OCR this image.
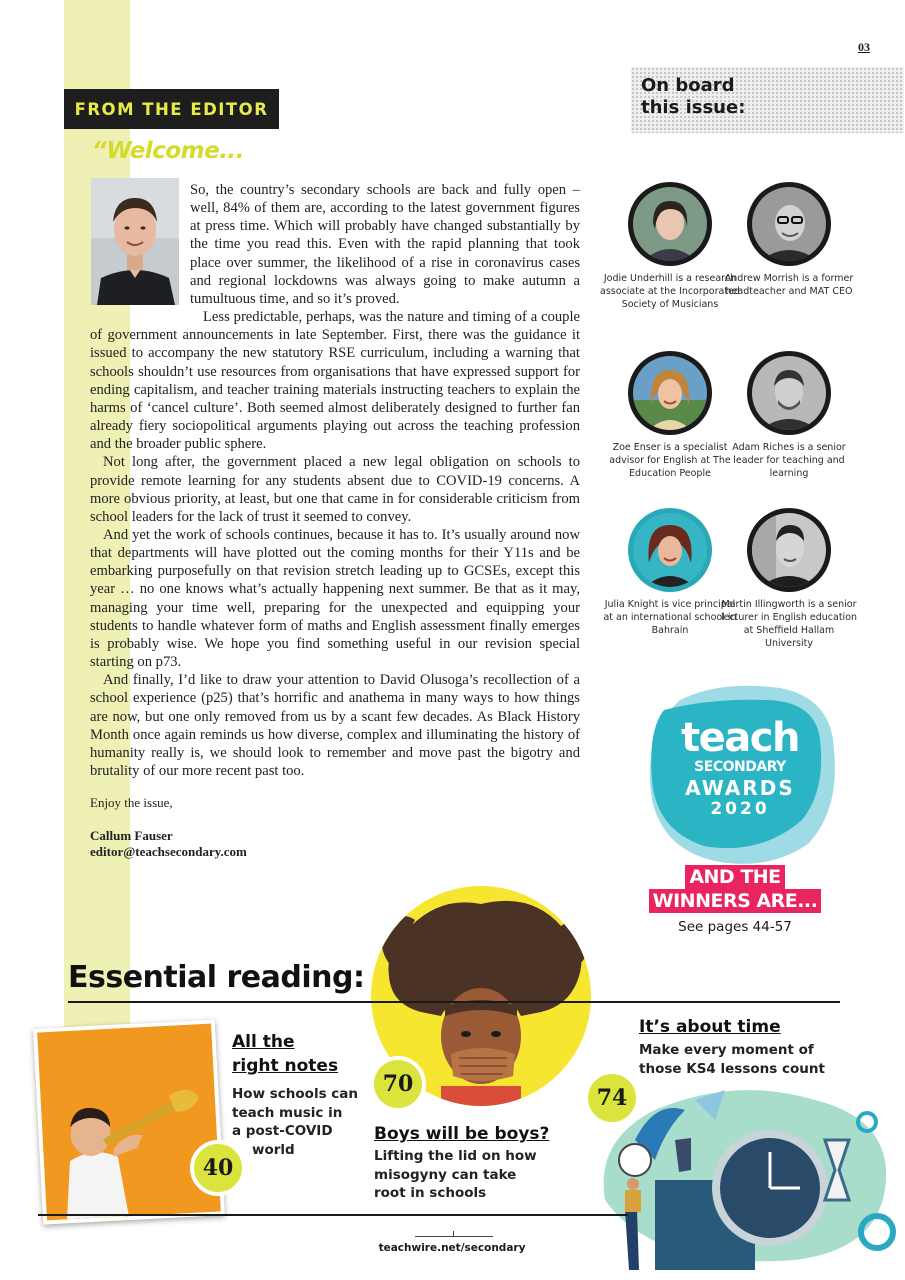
03
FROM THE EDITOR
“Welcome...

So, the country’s secondary schools are back and fully open – well, 84% of them are, according to the latest government figures at press time. Which will probably have changed substantially by the time you read this. Even with the rapid planning that took place over summer, the likelihood of a rise in coronavirus cases and regional lockdowns was always going to make autumn a tumultuous time, and so it’s proved.

Less predictable, perhaps, was the nature and timing of a couple of government announcements in late September. First, there was the guidance it issued to accompany the new statutory RSE curriculum, including a warning that schools shouldn’t use resources from organisations that have expressed support for ending capitalism, and teacher training materials instructing teachers to explain the harms of ‘cancel culture’. Both seemed almost deliberately designed to further fan already fiery sociopolitical arguments playing out across the teaching profession and the broader public sphere.

Not long after, the government placed a new legal obligation on schools to provide remote learning for any students absent due to COVID-19 concerns. A more obvious priority, at least, but one that came in for considerable criticism from school leaders for the lack of trust it seemed to convey.

And yet the work of schools continues, because it has to. It’s usually around now that departments will have plotted out the coming months for their Y11s and be embarking purposefully on that revision stretch leading up to GCSEs, except this year … no one knows what’s actually happening next summer. Be that as it may, managing your time well, preparing for the unexpected and equipping your students to handle whatever form of maths and English assessment finally emerges is probably wise. We hope you find something useful in our revision special starting on p73.

And finally, I’d like to draw your attention to David Olusoga’s recollection of a school experience (p25) that’s horrific and anathema in many ways to how things are now, but one only removed from us by a scant few decades. As Black History Month once again reminds us how diverse, complex and illuminating the history of humanity really is, we should look to remember and move past the bigotry and brutality of our more recent past too.

Enjoy the issue,

Callum Fauser
editor@teachsecondary.com
On board this issue:
Jodie Underhill is a research associate at the Incorporated Society of Musicians
Andrew Morrish is a former headteacher and MAT CEO
Zoe Enser is a specialist advisor for English at The Education People
Adam Riches is a senior leader for teaching and learning
Julia Knight is vice principal at an international school in Bahrain
Martin Illingworth is a senior lecturer in English education at Sheffield Hallam University
teach
SECONDARY
AWARDS
2020
AND THE
WINNERS ARE...
See pages 44-57
Essential reading:
40
70
74
All the
right notes
How schools can
teach music in
a post-COVID
world
Boys will be boys?
Lifting the lid on how
misogyny can take
root in schools
It’s about time
Make every moment of
those KS4 lessons count
teachwire.net/secondary
